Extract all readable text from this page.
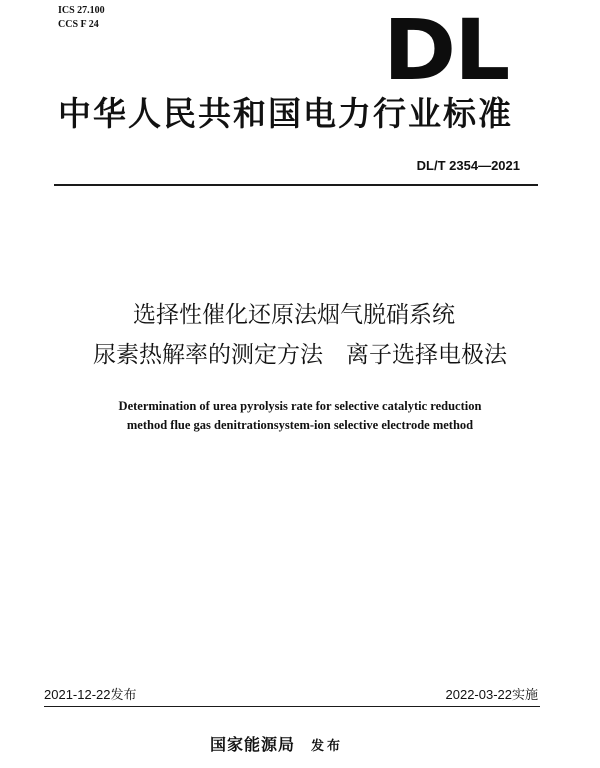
ICS 27.100
CCS F 24	DL
中华人民共和国电力行业标准
DL/T 2354—2021
选择性催化还原法烟气脱硝系统
尿素热解率的测定方法　离子选择电极法
Determination of urea pyrolysis rate for selective catalytic reduction
method flue gas denitrationsystem-ion selective electrode method
2021-12-22发布	2022-03-22实施
国家能源局 发布
